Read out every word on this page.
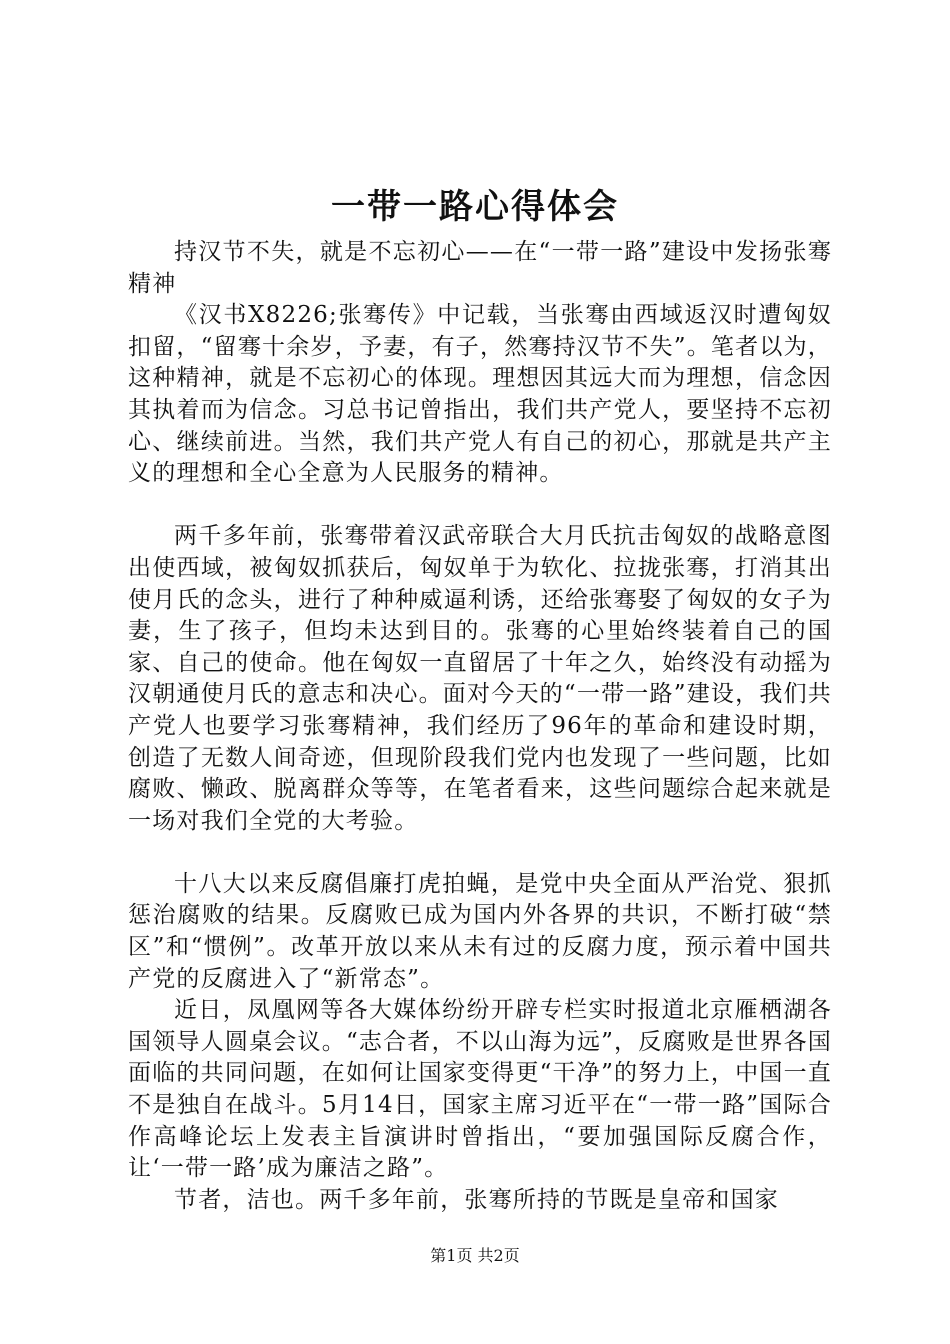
一带一路心得体会

持汉节不失，就是不忘初心——在“一带一路”建设中发扬张骞精神

《汉书X8226;张骞传》中记载，当张骞由西域返汉时遭匈奴扣留，“留骞十余岁，予妻，有子，然骞持汉节不失”。笔者以为，这种精神，就是不忘初心的体现。理想因其远大而为理想，信念因其执着而为信念。习总书记曾指出，我们共产党人，要坚持不忘初心、继续前进。当然，我们共产党人有自己的初心，那就是共产主义的理想和全心全意为人民服务的精神。

两千多年前，张骞带着汉武帝联合大月氏抗击匈奴的战略意图出使西域，被匈奴抓获后，匈奴单于为软化、拉拢张骞，打消其出使月氏的念头，进行了种种威逼利诱，还给张骞娶了匈奴的女子为妻，生了孩子，但均未达到目的。张骞的心里始终装着自己的国家、自己的使命。他在匈奴一直留居了十年之久，始终没有动摇为汉朝通使月氏的意志和决心。面对今天的“一带一路”建设，我们共产党人也要学习张骞精神，我们经历了96年的革命和建设时期，创造了无数人间奇迹，但现阶段我们党内也发现了一些问题，比如腐败、懒政、脱离群众等等，在笔者看来，这些问题综合起来就是一场对我们全党的大考验。

十八大以来反腐倡廉打虎拍蝇，是党中央全面从严治党、狠抓惩治腐败的结果。反腐败已成为国内外各界的共识，不断打破“禁区”和“惯例”。改革开放以来从未有过的反腐力度，预示着中国共产党的反腐进入了“新常态”。

近日，凤凰网等各大媒体纷纷开辟专栏实时报道北京雁栖湖各国领导人圆桌会议。“志合者，不以山海为远”，反腐败是世界各国面临的共同问题，在如何让国家变得更“干净”的努力上，中国一直不是独自在战斗。5月14日，国家主席习近平在“一带一路”国际合作高峰论坛上发表主旨演讲时曾指出，“要加强国际反腐合作，让‘一带一路’成为廉洁之路”。

节者，洁也。两千多年前，张骞所持的节既是皇帝和国家

第1页 共2页
